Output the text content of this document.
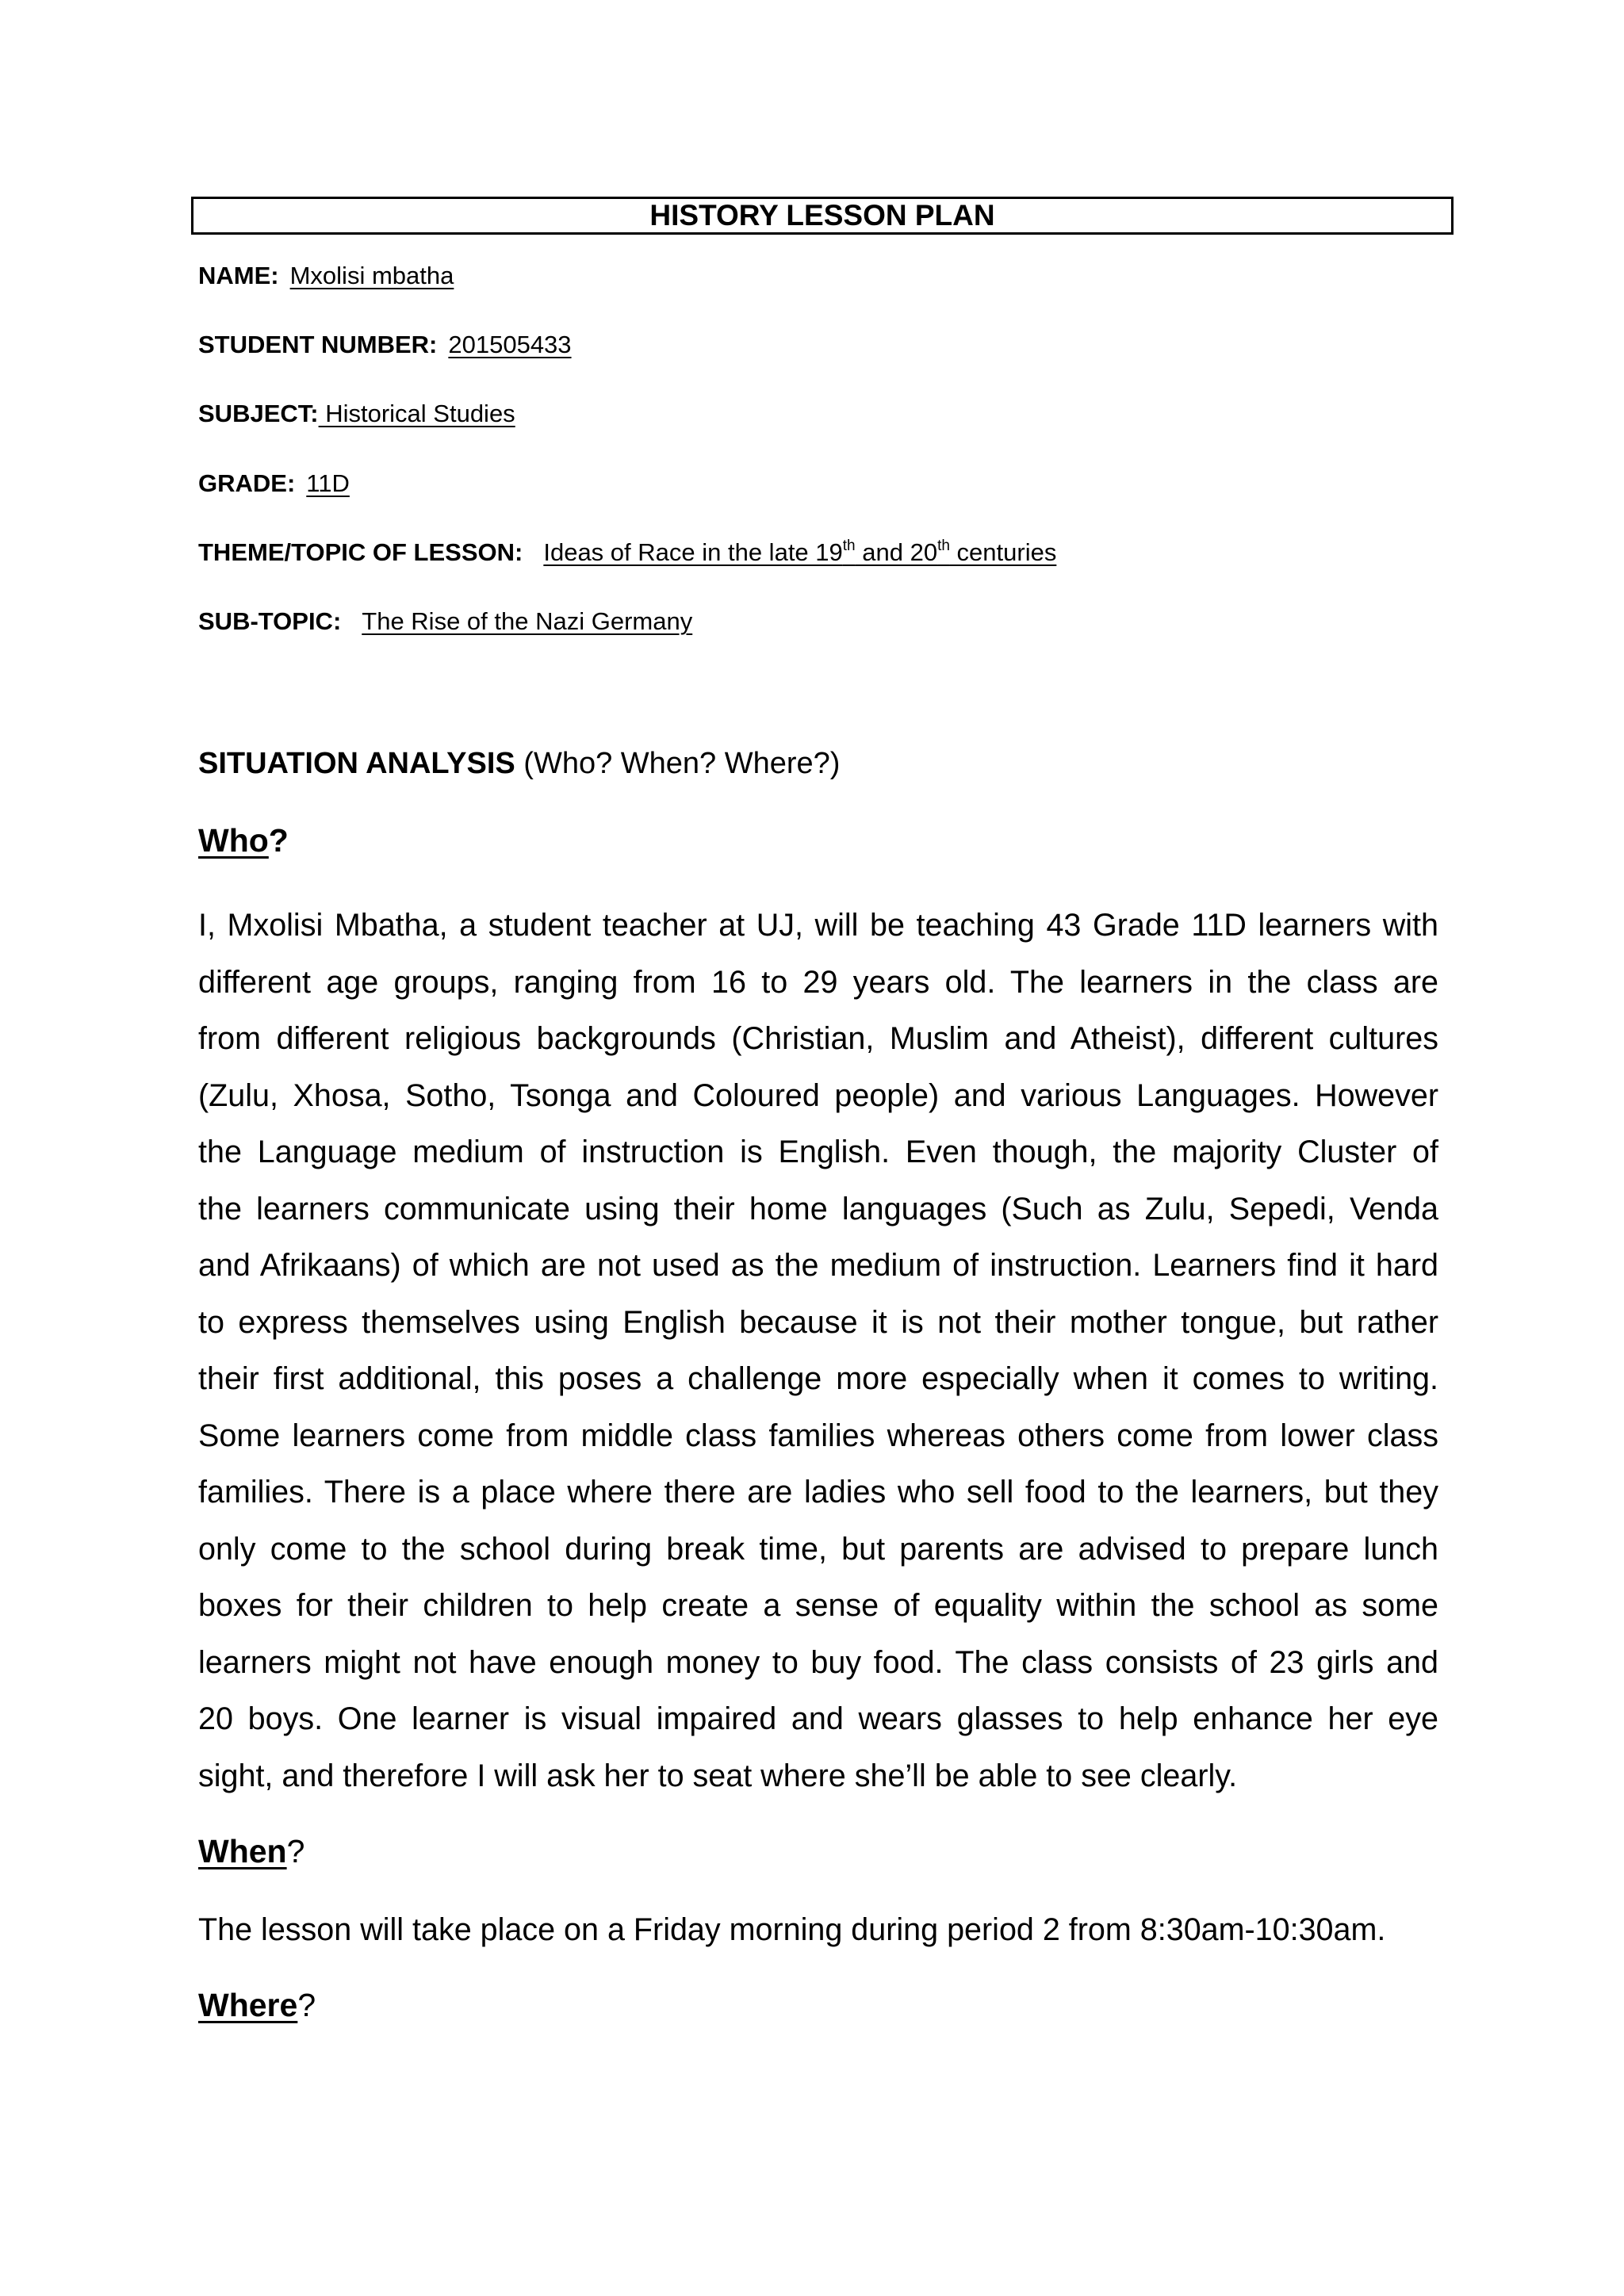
HISTORY LESSON PLAN
NAME: Mxolisi mbatha
STUDENT NUMBER: 201505433
SUBJECT: Historical Studies
GRADE: 11D
THEME/TOPIC OF LESSON: Ideas of Race in the late 19th and 20th centuries
SUB-TOPIC: The Rise of the Nazi Germany
SITUATION ANALYSIS (Who? When? Where?)
Who?
I, Mxolisi Mbatha, a student teacher at UJ, will be teaching 43 Grade 11D learners with
different age groups, ranging from 16 to 29 years old. The learners in the class are
from different religious backgrounds (Christian, Muslim and Atheist), different cultures
(Zulu, Xhosa, Sotho, Tsonga and Coloured people) and various Languages. However
the Language medium of instruction is English. Even though, the majority Cluster of
the learners communicate using their home languages (Such as Zulu, Sepedi, Venda
and Afrikaans) of which are not used as the medium of instruction. Learners find it hard
to express themselves using English because it is not their mother tongue, but rather
their first additional, this poses a challenge more especially when it comes to writing.
Some learners come from middle class families whereas others come from lower class
families. There is a place where there are ladies who sell food to the learners, but they
only come to the school during break time, but parents are advised to prepare lunch
boxes for their children to help create a sense of equality within the school as some
learners might not have enough money to buy food. The class consists of 23 girls and
20 boys. One learner is visual impaired and wears glasses to help enhance her eye
sight, and therefore I will ask her to seat where she’ll be able to see clearly.
When?
The lesson will take place on a Friday morning during period 2 from 8:30am-10:30am.
Where?
